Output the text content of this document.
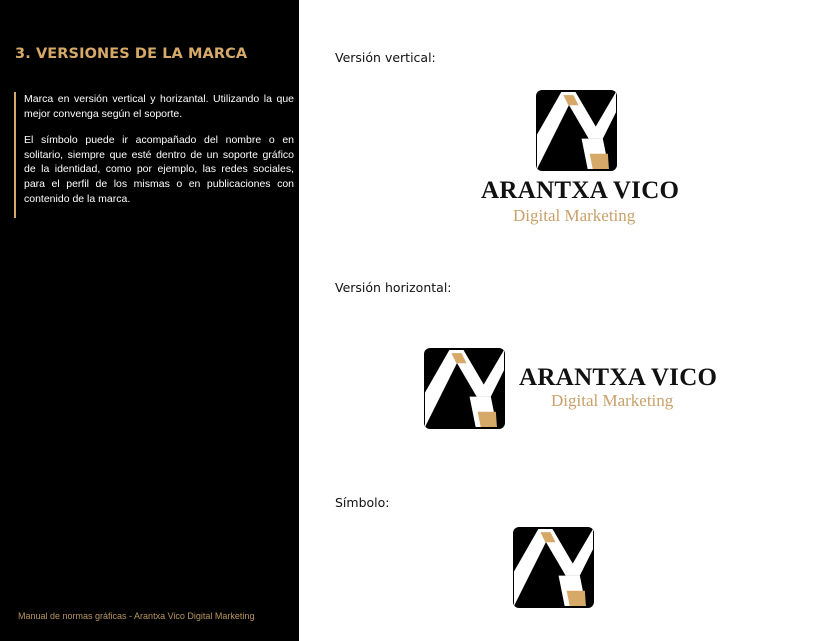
3. VERSIONES DE LA MARCA

Marca en versión vertical y horizantal. Utilizando la que mejor convenga según el soporte.

El símbolo puede ir acompañado del nombre o en solitario, siempre que esté dentro de un soporte gráfico de la identidad, como por ejemplo, las redes sociales, para el perfil de los mismas o en publicaciones con contenido de la marca.

Manual de normas gráficas - Arantxa Vico Digital Marketing
Versión vertical:
ARANTXA VICO
Digital Marketing
Versión horizontal:
ARANTXA VICO
Digital Marketing
Símbolo:
